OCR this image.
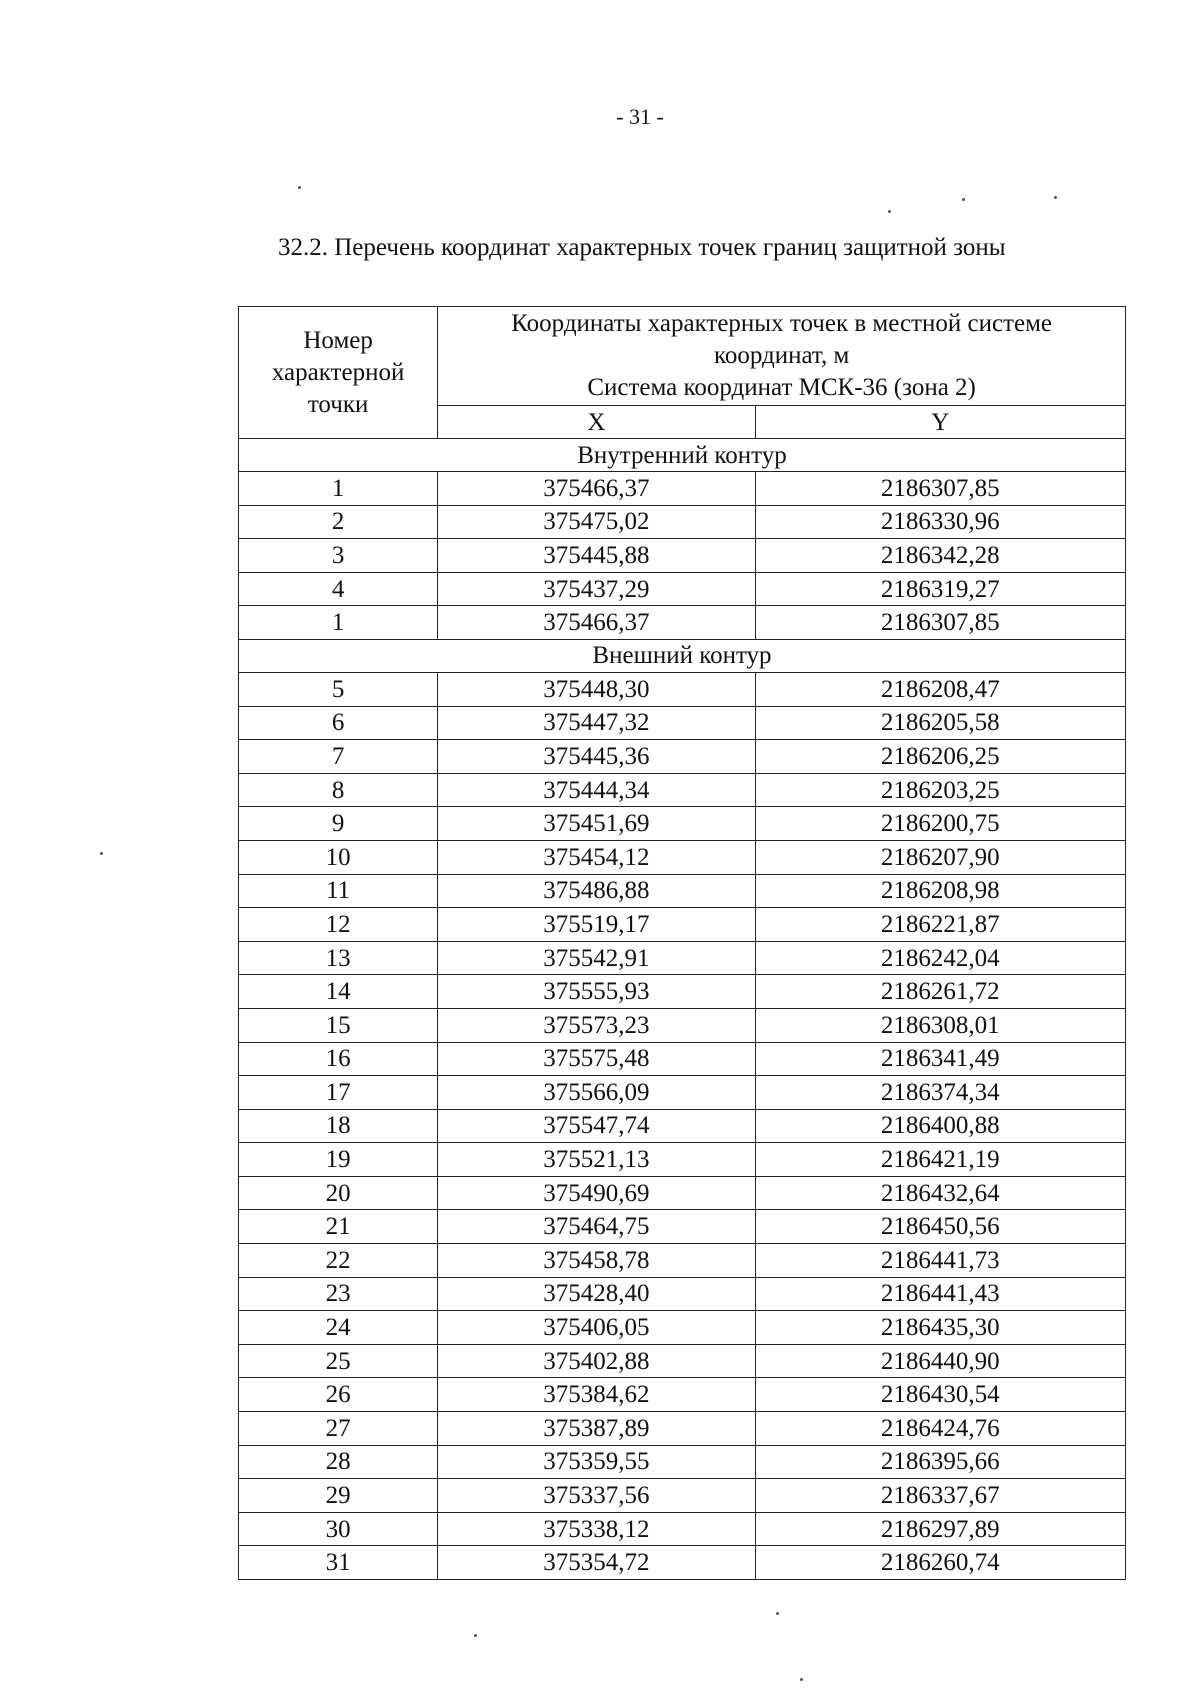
- 31 -
32.2. Перечень координат характерных точек границ защитной зоны
Номер
характерной
точки	Координаты характерных точек в местной системе
координат, м
Система координат МСК-36 (зона 2)	
	X	Y
Внутренний контур		
1	375466,37	2186307,85
2	375475,02	2186330,96
3	375445,88	2186342,28
4	375437,29	2186319,27
1	375466,37	2186307,85
Внешний контур		
5	375448,30	2186208,47
6	375447,32	2186205,58
7	375445,36	2186206,25
8	375444,34	2186203,25
9	375451,69	2186200,75
10	375454,12	2186207,90
11	375486,88	2186208,98
12	375519,17	2186221,87
13	375542,91	2186242,04
14	375555,93	2186261,72
15	375573,23	2186308,01
16	375575,48	2186341,49
17	375566,09	2186374,34
18	375547,74	2186400,88
19	375521,13	2186421,19
20	375490,69	2186432,64
21	375464,75	2186450,56
22	375458,78	2186441,73
23	375428,40	2186441,43
24	375406,05	2186435,30
25	375402,88	2186440,90
26	375384,62	2186430,54
27	375387,89	2186424,76
28	375359,55	2186395,66
29	375337,56	2186337,67
30	375338,12	2186297,89
31	375354,72	2186260,74
